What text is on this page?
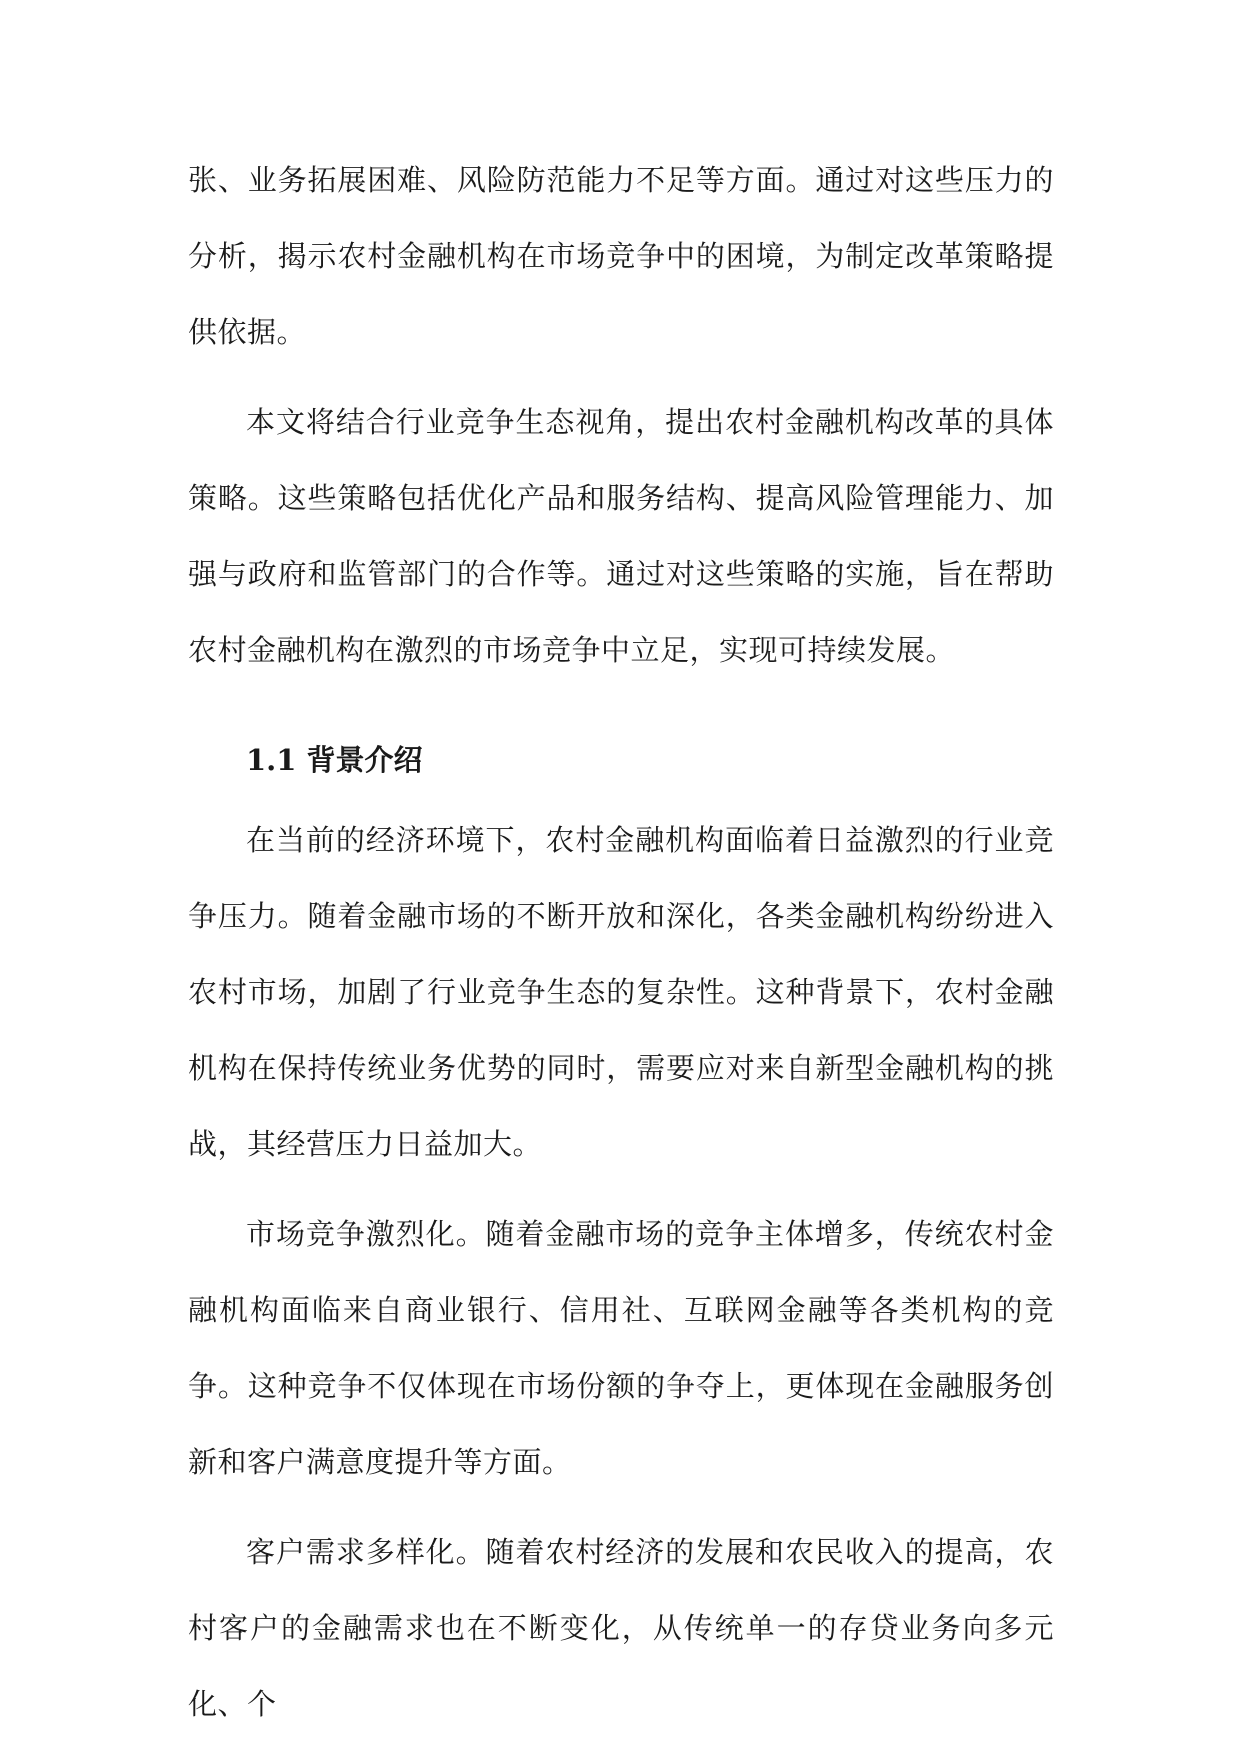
张、业务拓展困难、风险防范能力不足等方面。通过对这些压力的分析，揭示农村金融机构在市场竞争中的困境，为制定改革策略提供依据。

本文将结合行业竞争生态视角，提出农村金融机构改革的具体策略。这些策略包括优化产品和服务结构、提高风险管理能力、加强与政府和监管部门的合作等。通过对这些策略的实施，旨在帮助农村金融机构在激烈的市场竞争中立足，实现可持续发展。

1.1 背景介绍

在当前的经济环境下，农村金融机构面临着日益激烈的行业竞争压力。随着金融市场的不断开放和深化，各类金融机构纷纷进入农村市场，加剧了行业竞争生态的复杂性。这种背景下，农村金融机构在保持传统业务优势的同时，需要应对来自新型金融机构的挑战，其经营压力日益加大。

市场竞争激烈化。随着金融市场的竞争主体增多，传统农村金融机构面临来自商业银行、信用社、互联网金融等各类机构的竞争。这种竞争不仅体现在市场份额的争夺上，更体现在金融服务创新和客户满意度提升等方面。

客户需求多样化。随着农村经济的发展和农民收入的提高，农村客户的金融需求也在不断变化，从传统单一的存贷业务向多元化、个
